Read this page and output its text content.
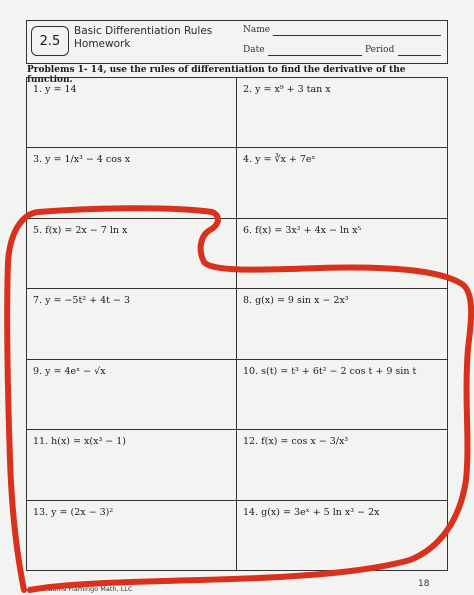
2.5
Basic Differentiation Rules
Homework
Name
Date	Period
Problems 1- 14, use the rules of differentiation to find the derivative of the function.
1. y = 14	2. y = x⁹ + 3 tan x
3. y = 1/x³ − 4 cos x	4. y = ∛x + 7eˣ
5. f(x) = 2x − 7 ln x	6. f(x) = 3x² + 4x − ln x⁵
7. y = −5t² + 4t − 3	8. g(x) = 9 sin x − 2x³
9. y = 4eˣ − √x	10. s(t) = t³ + 6t² − 2 cos t + 9 sin t
11. h(x) = x(x³ − 1)	12. f(x) = cos x − 3/x³
13. y = (2x − 3)²	14. g(x) = 3eˣ + 5 ln x³ − 2x
Jean Adams Flamingo Math, LLC	18
